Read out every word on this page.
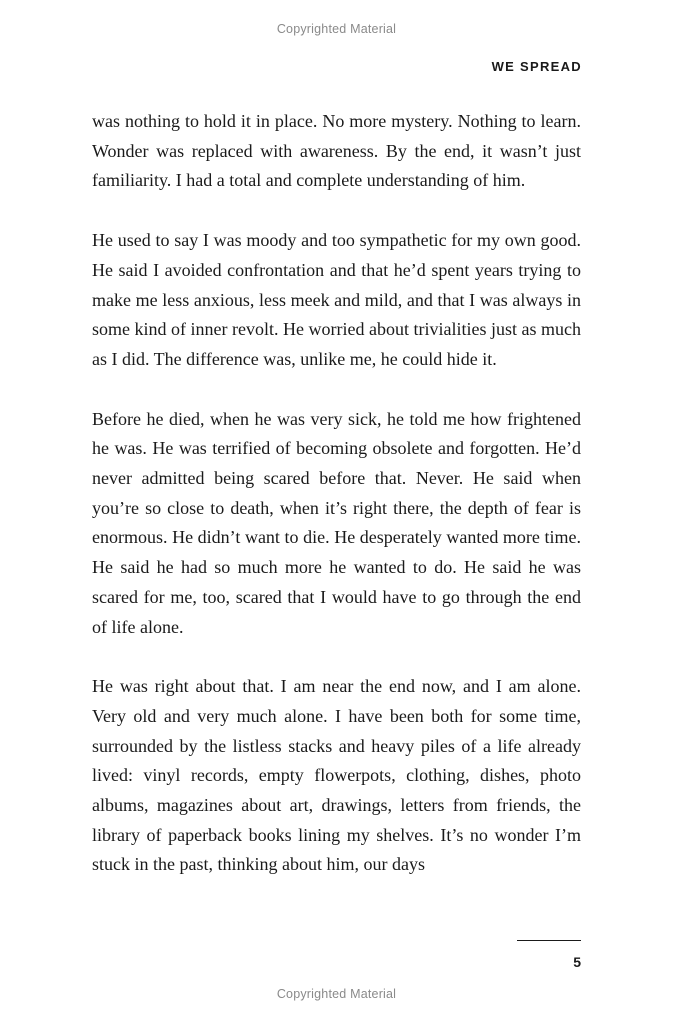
Copyrighted Material
WE SPREAD

was nothing to hold it in place. No more mystery. Nothing to learn. Wonder was replaced with awareness. By the end, it wasn’t just familiarity. I had a total and complete understanding of him.

He used to say I was moody and too sympathetic for my own good. He said I avoided confrontation and that he’d spent years trying to make me less anxious, less meek and mild, and that I was always in some kind of inner revolt. He worried about trivialities just as much as I did. The difference was, unlike me, he could hide it.

Before he died, when he was very sick, he told me how frightened he was. He was terrified of becoming obsolete and forgotten. He’d never admitted being scared before that. Never. He said when you’re so close to death, when it’s right there, the depth of fear is enormous. He didn’t want to die. He desperately wanted more time. He said he had so much more he wanted to do. He said he was scared for me, too, scared that I would have to go through the end of life alone.

He was right about that. I am near the end now, and I am alone. Very old and very much alone. I have been both for some time, surrounded by the listless stacks and heavy piles of a life already lived: vinyl records, empty flowerpots, clothing, dishes, photo albums, magazines about art, drawings, letters from friends, the library of paperback books lining my shelves. It’s no wonder I’m stuck in the past, thinking about him, our days

5
Copyrighted Material
